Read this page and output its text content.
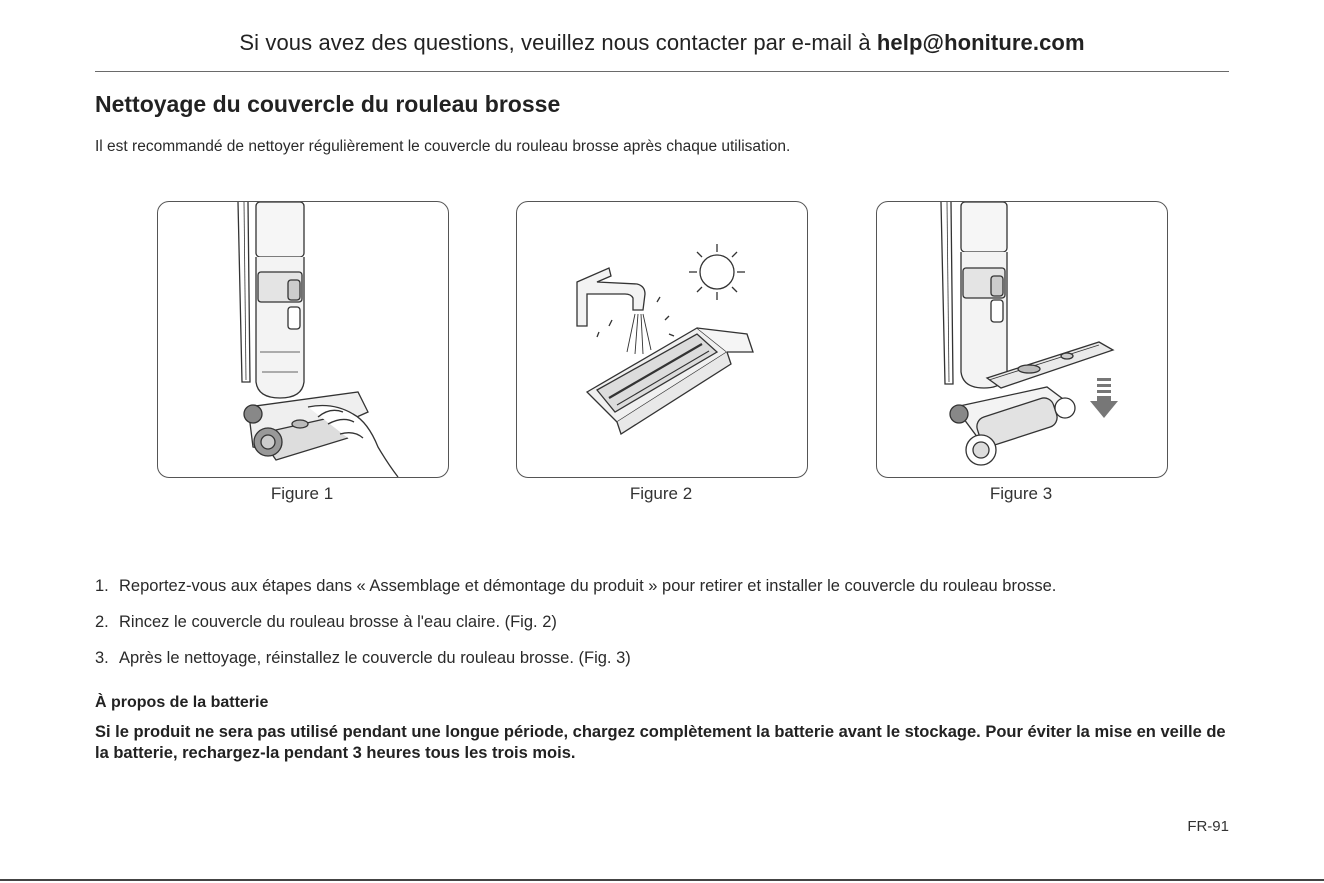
Si vous avez des questions, veuillez nous contacter par e-mail à help@honiture.com
Nettoyage du couvercle du rouleau brosse
Il est recommandé de nettoyer régulièrement le couvercle du rouleau brosse après chaque utilisation.
Figure 1	Figure 2	Figure 3
1. Reportez-vous aux étapes dans « Assemblage et démontage du produit » pour retirer et installer le couvercle du rouleau brosse.
2. Rincez le couvercle du rouleau brosse à l'eau claire. (Fig. 2)
3. Après le nettoyage, réinstallez le couvercle du rouleau brosse. (Fig. 3)
À propos de la batterie
Si le produit ne sera pas utilisé pendant une longue période, chargez complètement la batterie avant le stockage. Pour éviter la mise en veille de la batterie, rechargez-la pendant 3 heures tous les trois mois.
FR-91
